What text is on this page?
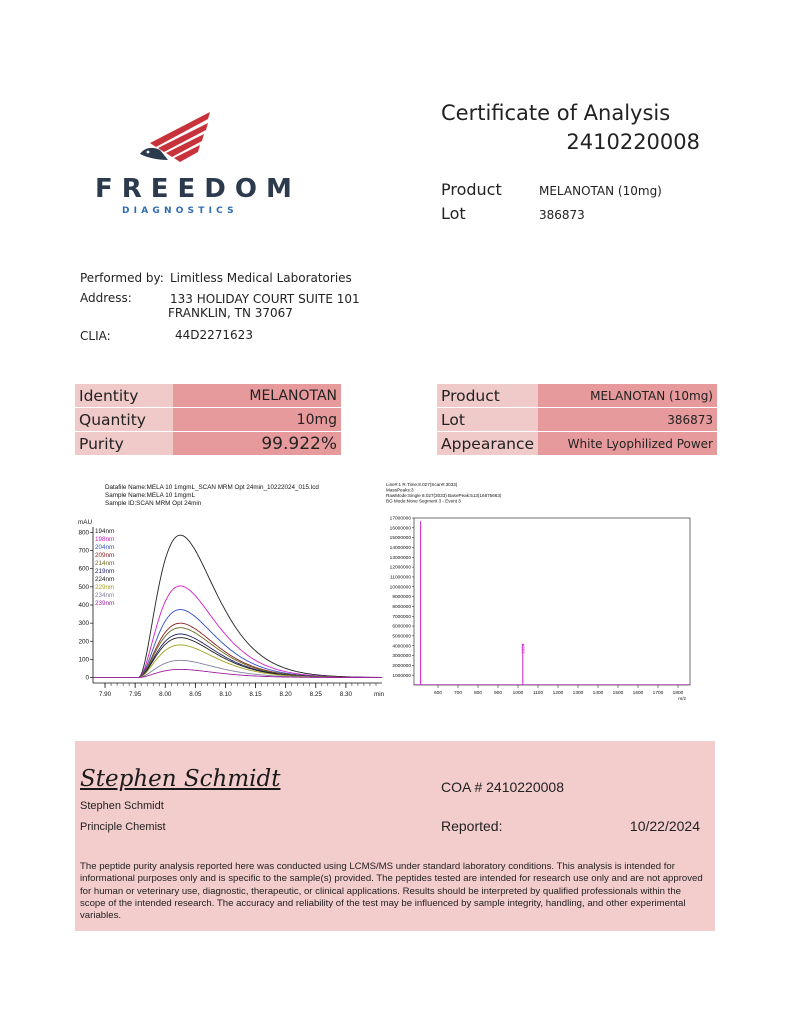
FREEDOM
DIAGNOSTICS
Certificate of Analysis
2410220008
Product	MELANOTAN (10mg)
Lot	386873
Performed by: Limitless Medical Laboratories
Address:	133 HOLIDAY COURT SUITE 101
FRANKLIN, TN 37067
CLIA:	44D2271623
Identity	MELANOTAN
Quantity	10mg
Purity	99.922%
Product	MELANOTAN (10mg)
Lot	386873
Appearance	White Lyophilized Power
Datafile Name:MELA 10 1mgmL_SCAN MRM Opt 24min_10222024_015.lcd
Sample Name:MELA 10 1mgmL
Sample ID:SCAN MRM Opt 24min
mAU
min
0
100
200
300
400
500
600
700
800
7.90	7.95	8.00	8.05	8.10	8.15	8.20	8.25	8.30
194nm
198nm
204nm
209nm
214nm
219nm
224nm
229nm
234nm
239nm
Line#:1 R.Time:8.027(Scan#:3033)
MassPeaks:3
RawMode:Single 8.027(3033) BasePeak:513(16675663)
BG Mode:None Segment 3 - Event 3
1000000
2000000
3000000
4000000
5000000
6000000
7000000
8000000
9000000
10000000
11000000
12000000
13000000
14000000
15000000
16000000
17000000
600 700 800 900 1000 1100 1200 1300 1400 1500 1600 1700 1800
m/z
1024
Stephen Schmidt
Stephen Schmidt
Principle Chemist
COA # 2410220008
Reported:	10/22/2024
The peptide purity analysis reported here was conducted using LCMS/MS under standard laboratory conditions. This analysis is intended for informational purposes only and is specific to the sample(s) provided. The peptides tested are intended for research use only and are not approved for human or veterinary use, diagnostic, therapeutic, or clinical applications. Results should be interpreted by qualified professionals within the scope of the intended research. The accuracy and reliability of the test may be influenced by sample integrity, handling, and other experimental variables.
